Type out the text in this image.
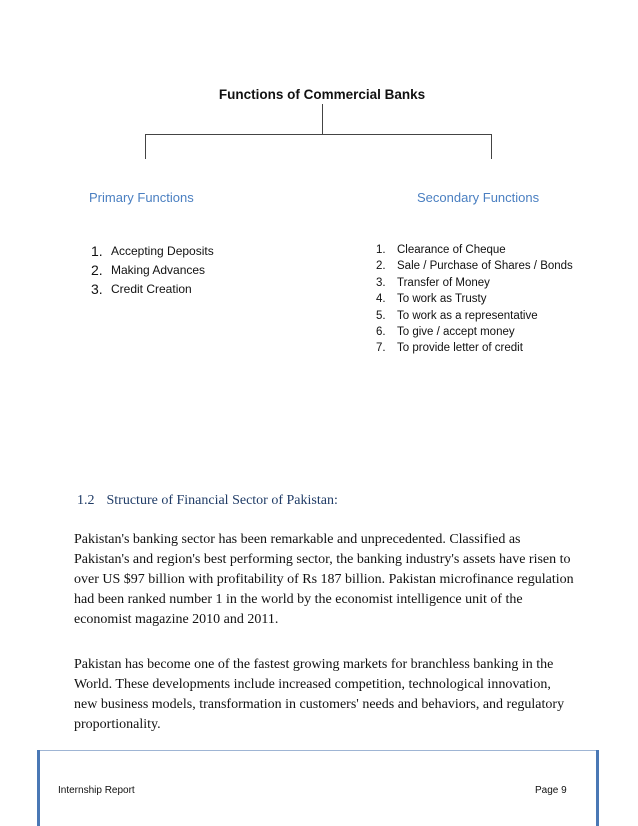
Functions of Commercial Banks
Primary Functions	Secondary Functions
1. Accepting Deposits
2. Making Advances
3. Credit Creation
1. Clearance of Cheque
2. Sale / Purchase of Shares / Bonds
3. Transfer of Money
4. To work as Trusty
5. To work as a representative
6. To give / accept money
7. To provide letter of credit
1.2 Structure of Financial Sector of Pakistan:

Pakistan's banking sector has been remarkable and unprecedented. Classified as Pakistan's and region's best performing sector, the banking industry's assets have risen to over US $97 billion with profitability of Rs 187 billion. Pakistan microfinance regulation had been ranked number 1 in the world by the economist intelligence unit of the economist magazine 2010 and 2011.

Pakistan has become one of the fastest growing markets for branchless banking in the World. These developments include increased competition, technological innovation, new business models, transformation in customers' needs and behaviors, and regulatory proportionality.

Internship Report	Page 9
